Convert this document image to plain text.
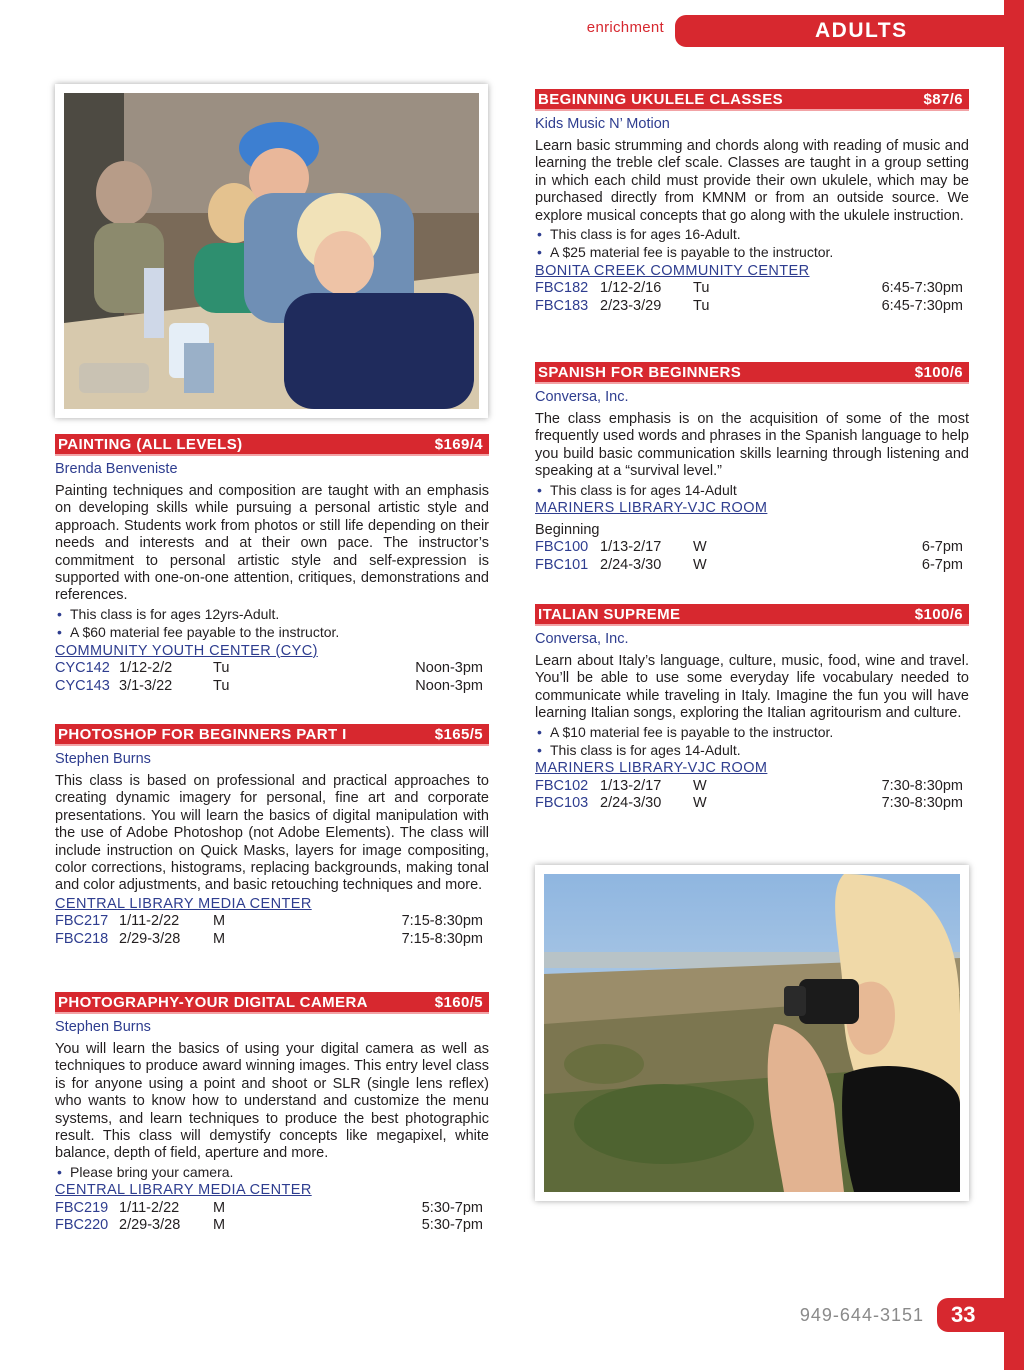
enrichment	ADULTS
PAINTING (ALL LEVELS)	$169/4
Brenda Benveniste
Painting techniques and composition are taught with an emphasis on developing skills while pursuing a personal artistic style and approach. Students work from photos or still life depending on their needs and interests and at their own pace. The instructor’s commitment to personal artistic style and self-expression is supported with one-on-one attention, critiques, demonstrations and references.
• This class is for ages 12yrs-Adult.
• A $60 material fee payable to the instructor.
COMMUNITY YOUTH CENTER (CYC)
CYC142 1/12-2/2	Tu	Noon-3pm
CYC143 3/1-3/22	Tu	Noon-3pm
PHOTOSHOP FOR BEGINNERS PART I	$165/5
Stephen Burns
This class is based on professional and practical approaches to creating dynamic imagery for personal, fine art and corporate presentations. You will learn the basics of digital manipulation with the use of Adobe Photoshop (not Adobe Elements). The class will include instruction on Quick Masks, layers for image compositing, color corrections, histograms, replacing backgrounds, making tonal and color adjustments, and basic retouching techniques and more.
CENTRAL LIBRARY MEDIA CENTER
FBC217 1/11-2/22 M	7:15-8:30pm
FBC218 2/29-3/28 M	7:15-8:30pm
PHOTOGRAPHY-YOUR DIGITAL CAMERA	$160/5
Stephen Burns
You will learn the basics of using your digital camera as well as techniques to produce award winning images. This entry level class is for anyone using a point and shoot or SLR (single lens reflex) who wants to know how to understand and customize the menu systems, and learn techniques to produce the best photographic result. This class will demystify concepts like megapixel, white balance, depth of field, aperture and more.
• Please bring your camera.
CENTRAL LIBRARY MEDIA CENTER
FBC219 1/11-2/22 M	5:30-7pm
FBC220 2/29-3/28 M	5:30-7pm
BEGINNING UKULELE CLASSES	$87/6
Kids Music N’ Motion
Learn basic strumming and chords along with reading of music and learning the treble clef scale. Classes are taught in a group setting in which each child must provide their own ukulele, which may be purchased directly from KMNM or from an outside source. We explore musical concepts that go along with the ukulele instruction.
• This class is for ages 16-Adult.
• A $25 material fee is payable to the instructor.
BONITA CREEK COMMUNITY CENTER
FBC182 1/12-2/16 Tu	6:45-7:30pm
FBC183 2/23-3/29 Tu	6:45-7:30pm
SPANISH FOR BEGINNERS	$100/6
Conversa, Inc.
The class emphasis is on the acquisition of some of the most frequently used words and phrases in the Spanish language to help you build basic communication skills learning through listening and speaking at a “survival level.”
• This class is for ages 14-Adult
MARINERS LIBRARY-VJC ROOM
Beginning
FBC100 1/13-2/17 W	6-7pm
FBC101 2/24-3/30 W	6-7pm
ITALIAN SUPREME	$100/6
Conversa, Inc.
Learn about Italy’s language, culture, music, food, wine and travel. You’ll be able to use some everyday life vocabulary needed to communicate while traveling in Italy. Imagine the fun you will have learning Italian songs, exploring the Italian agritourism and culture.
• A $10 material fee is payable to the instructor.
• This class is for ages 14-Adult.
MARINERS LIBRARY-VJC ROOM
FBC102 1/13-2/17 W	7:30-8:30pm
FBC103 2/24-3/30 W	7:30-8:30pm
949-644-3151 33
